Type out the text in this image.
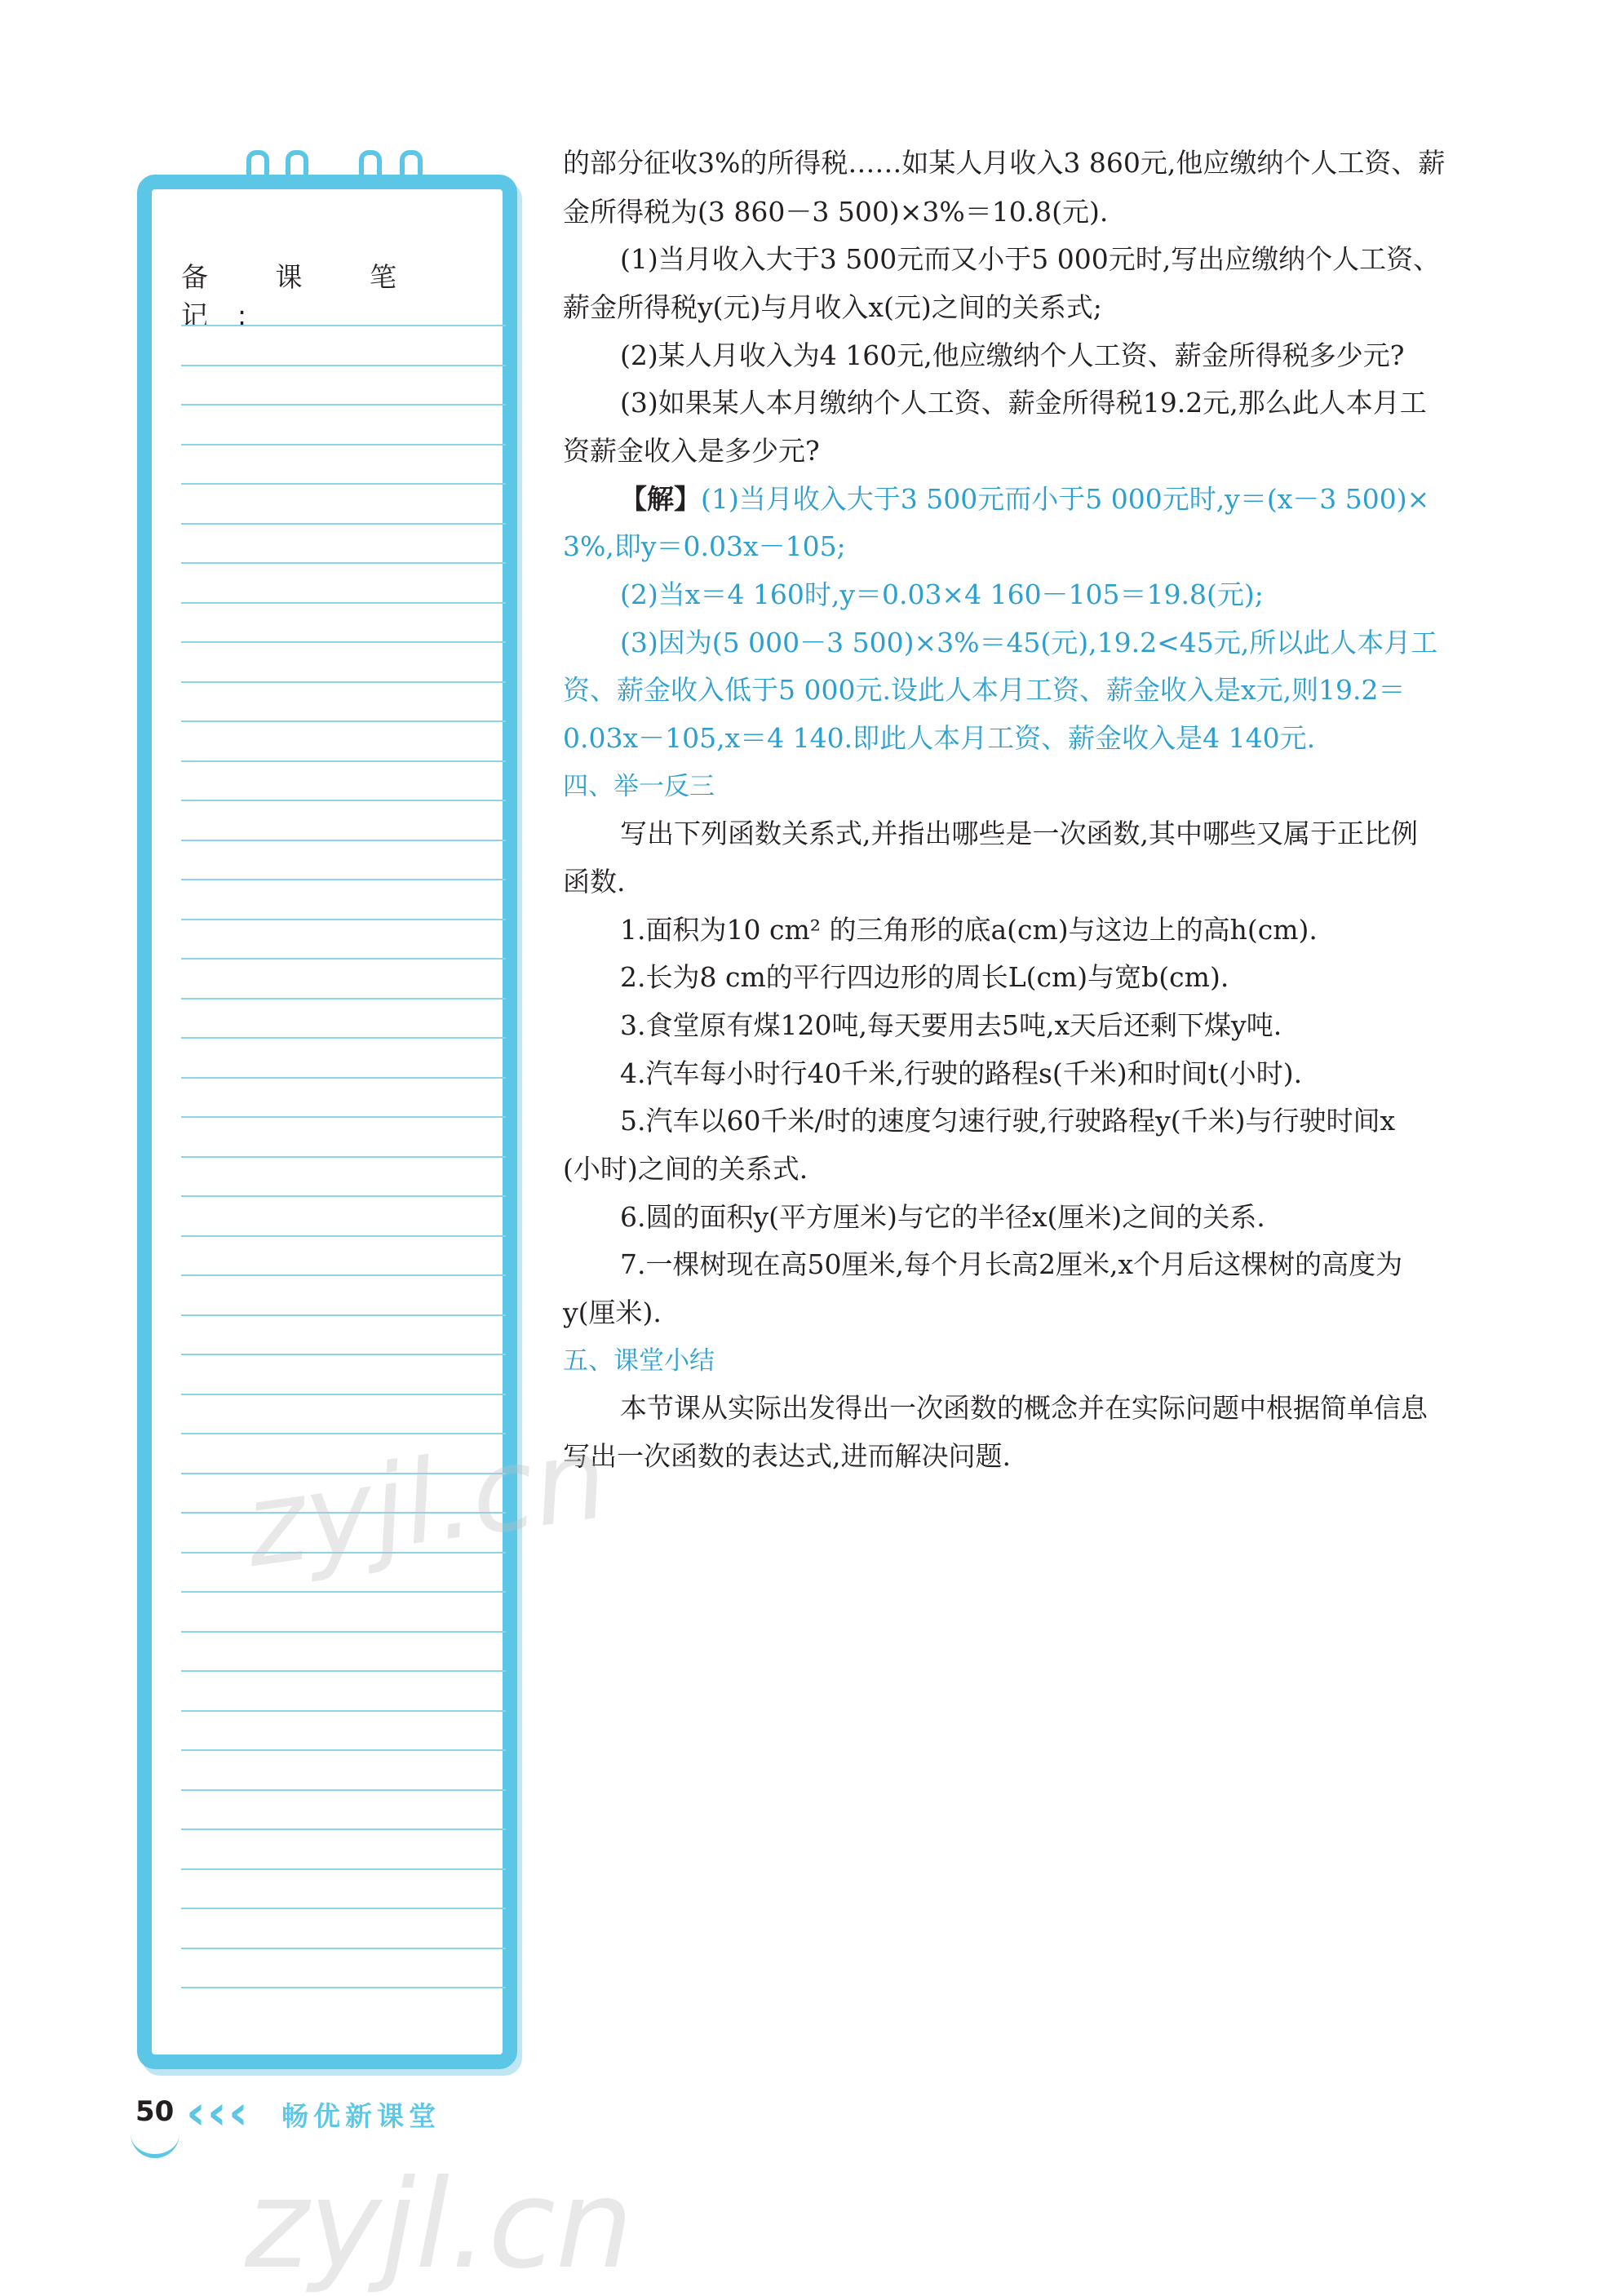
备 课 笔 记:
的部分征收3%的所得税……如某人月收入3 860元,他应缴纳个人工资、薪
金所得税为(3 860－3 500)×3%＝10.8(元).
(1)当月收入大于3 500元而又小于5 000元时,写出应缴纳个人工资、
薪金所得税y(元)与月收入x(元)之间的关系式;
(2)某人月收入为4 160元,他应缴纳个人工资、薪金所得税多少元?
(3)如果某人本月缴纳个人工资、薪金所得税19.2元,那么此人本月工
资薪金收入是多少元?
【解】(1)当月收入大于3 500元而小于5 000元时,y＝(x－3 500)×
3%,即y＝0.03x－105;
(2)当x＝4 160时,y＝0.03×4 160－105＝19.8(元);
(3)因为(5 000－3 500)×3%＝45(元),19.2<45元,所以此人本月工
资、薪金收入低于5 000元.设此人本月工资、薪金收入是x元,则19.2＝
0.03x－105,x＝4 140.即此人本月工资、薪金收入是4 140元.
四、举一反三
写出下列函数关系式,并指出哪些是一次函数,其中哪些又属于正比例
函数.
1.面积为10 cm² 的三角形的底a(cm)与这边上的高h(cm).
2.长为8 cm的平行四边形的周长L(cm)与宽b(cm).
3.食堂原有煤120吨,每天要用去5吨,x天后还剩下煤y吨.
4.汽车每小时行40千米,行驶的路程s(千米)和时间t(小时).
5.汽车以60千米/时的速度匀速行驶,行驶路程y(千米)与行驶时间x
(小时)之间的关系式.
6.圆的面积y(平方厘米)与它的半径x(厘米)之间的关系.
7.一棵树现在高50厘米,每个月长高2厘米,x个月后这棵树的高度为
y(厘米).
五、课堂小结
本节课从实际出发得出一次函数的概念并在实际问题中根据简单信息
写出一次函数的表达式,进而解决问题.
zyjl.cn
zyjl.cn
50 ‹ ‹ ‹ 畅优新课堂
